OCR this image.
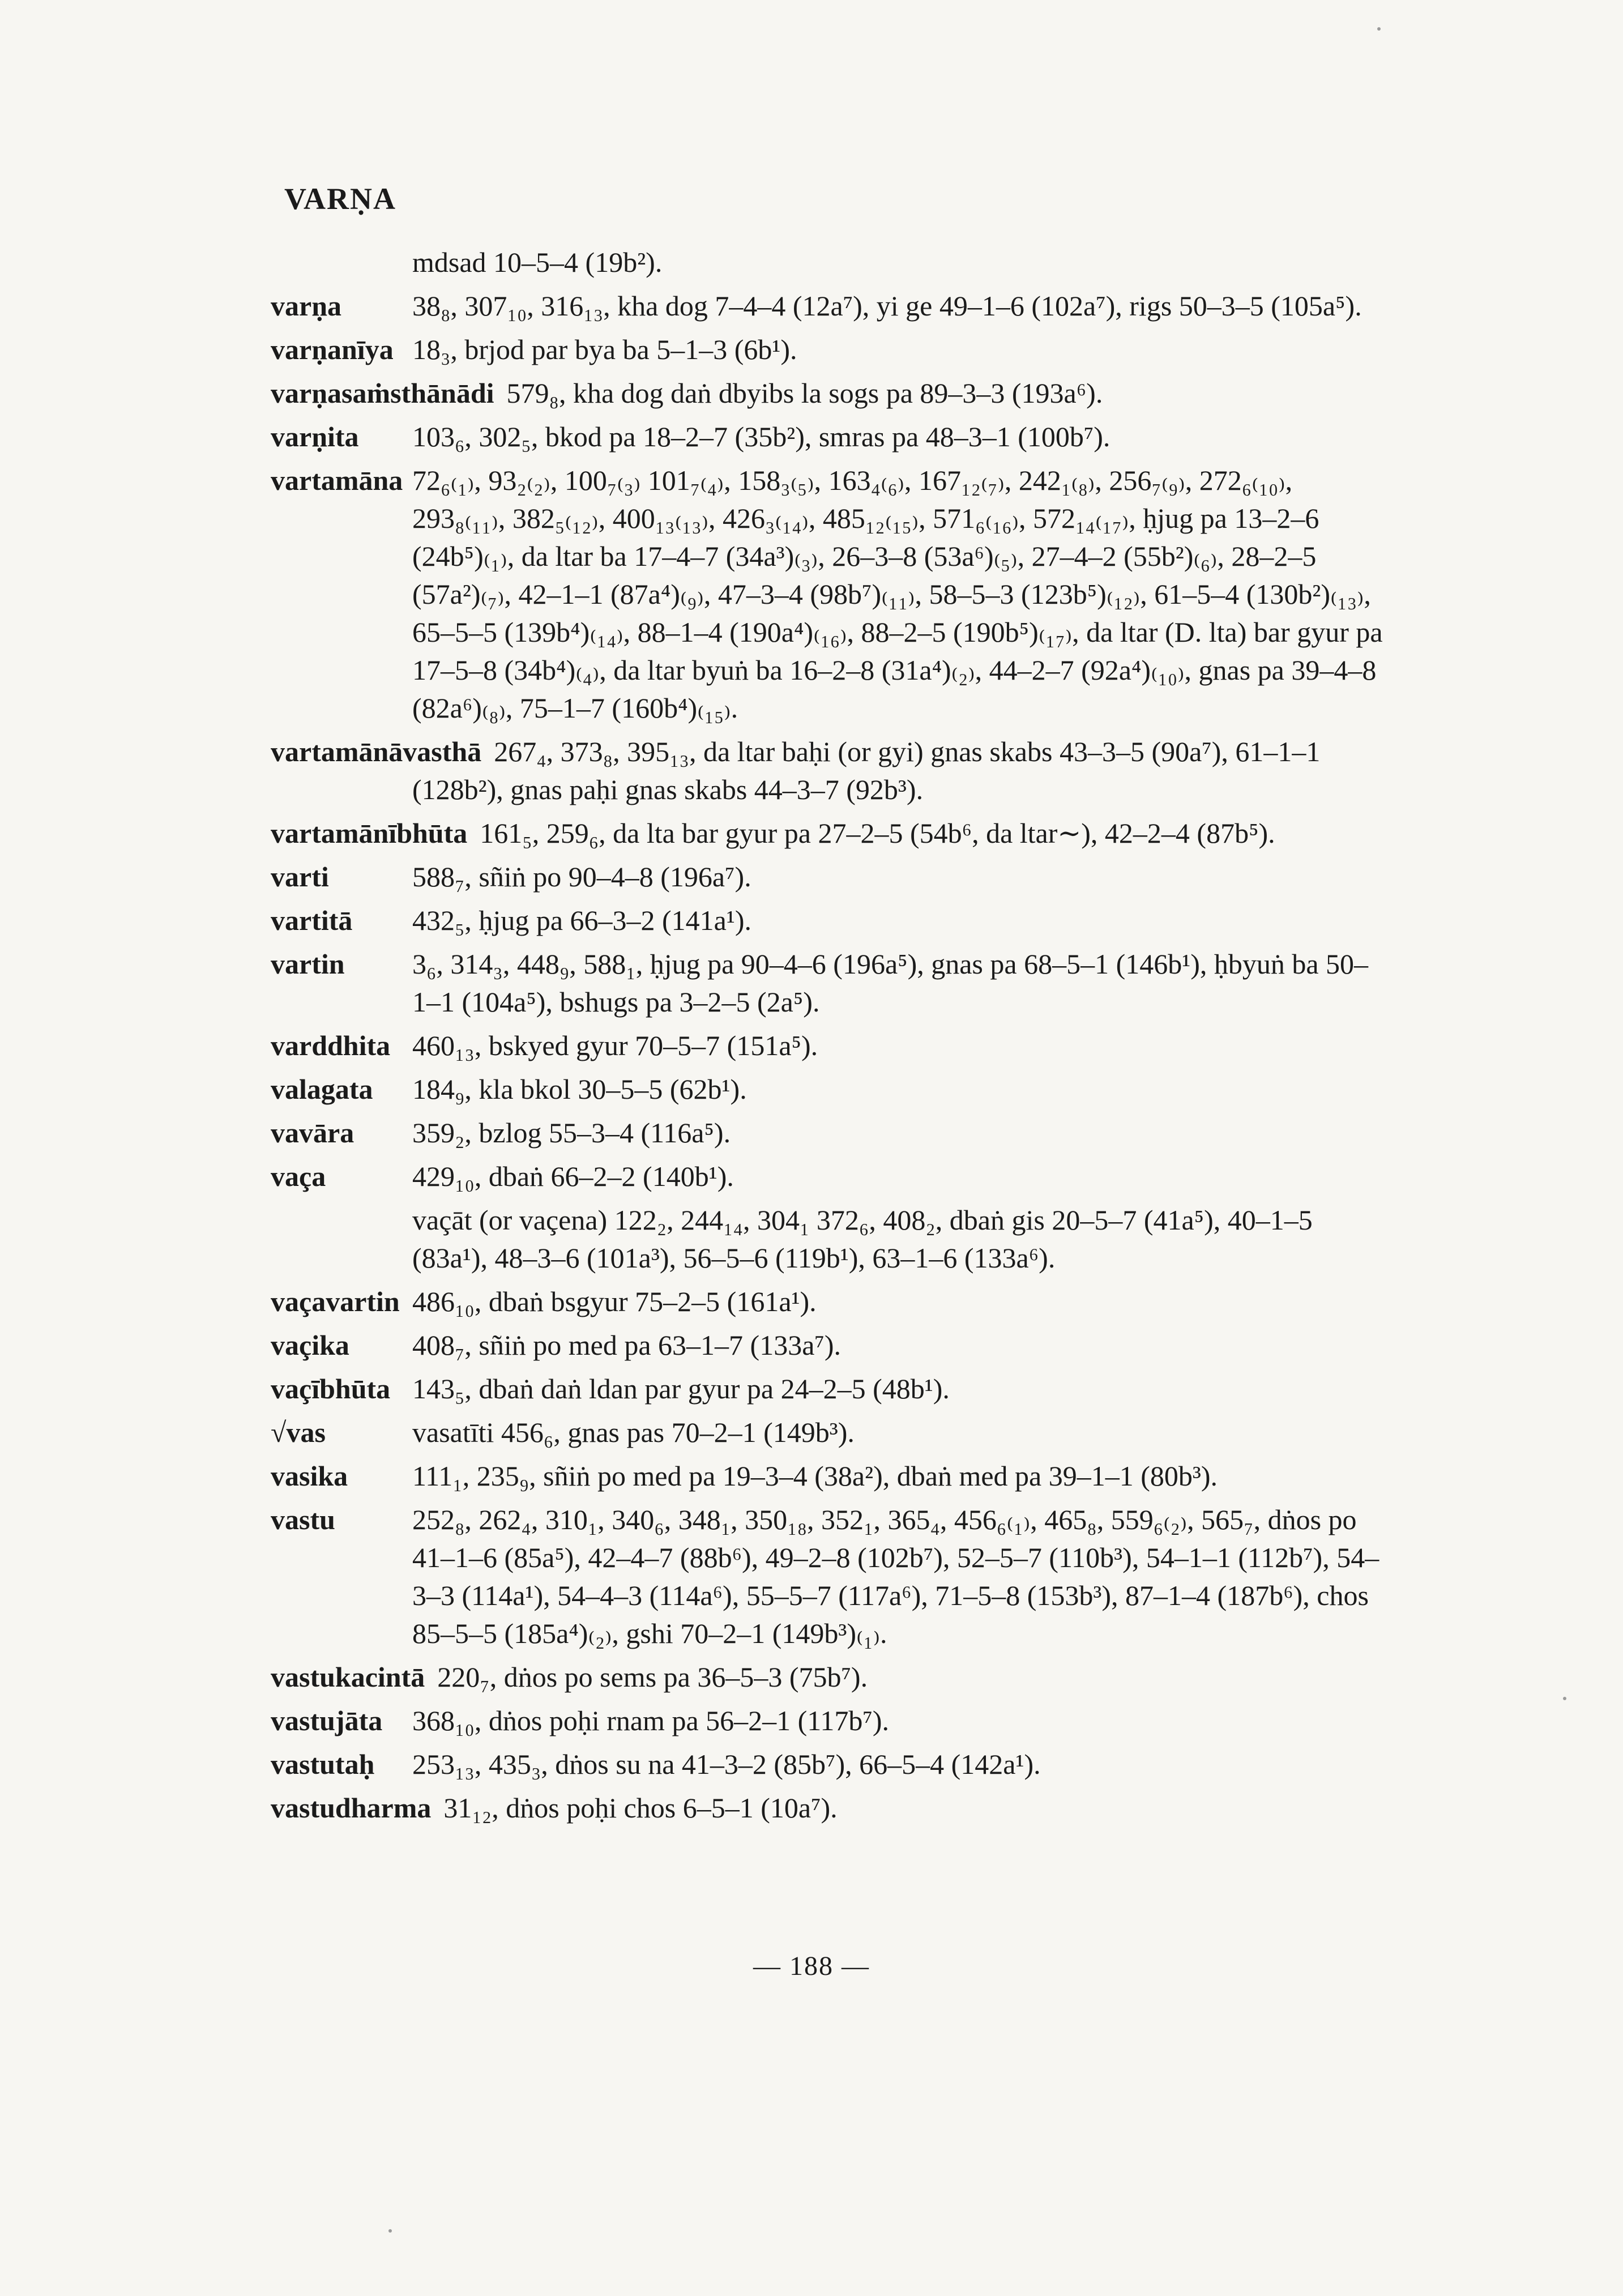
VARṆA
mdsad 10–5–4 (19b²).
varṇa	38₈, 307₁₀, 316₁₃, kha dog 7–4–4 (12a⁷), yi ge 49–1–6 (102a⁷), rigs 50–3–5 (105a⁵).
varṇanīya 18₃, brjod par bya ba 5–1–3 (6b¹).
varṇasaṁsthānādi 579₈, kha dog daṅ dbyibs la sogs pa 89–3–3 (193a⁶).
varṇita 103₆, 302₅, bkod pa 18–2–7 (35b²), smras pa 48–3–1 (100b⁷).
vartamāna 72₆₍₁₎, 93₂₍₂₎, 100₇₍₃₎ 101₇₍₄₎, 158₃₍₅₎, 163₄₍₆₎, 167₁₂₍₇₎, 242₁₍₈₎, 256₇₍₉₎, 272₆₍₁₀₎, 293₈₍₁₁₎, 382₅₍₁₂₎, 400₁₃₍₁₃₎, 426₃₍₁₄₎, 485₁₂₍₁₅₎, 571₆₍₁₆₎, 572₁₄₍₁₇₎, ḥjug pa 13–2–6 (24b⁵)₍₁₎, da ltar ba 17–4–7 (34a³)₍₃₎, 26–3–8 (53a⁶)₍₅₎, 27–4–2 (55b²)₍₆₎, 28–2–5 (57a²)₍₇₎, 42–1–1 (87a⁴)₍₉₎, 47–3–4 (98b⁷)₍₁₁₎, 58–5–3 (123b⁵)₍₁₂₎, 61–5–4 (130b²)₍₁₃₎, 65–5–5 (139b⁴)₍₁₄₎, 88–1–4 (190a⁴)₍₁₆₎, 88–2–5 (190b⁵)₍₁₇₎, da ltar (D. lta) bar gyur pa 17–5–8 (34b⁴)₍₄₎, da ltar byuṅ ba 16–2–8 (31a⁴)₍₂₎, 44–2–7 (92a⁴)₍₁₀₎, gnas pa 39–4–8 (82a⁶)₍₈₎, 75–1–7 (160b⁴)₍₁₅₎.
vartamānāvasthā 267₄, 373₈, 395₁₃, da ltar baḥi (or gyi) gnas skabs 43–3–5 (90a⁷), 61–1–1 (128b²), gnas paḥi gnas skabs 44–3–7 (92b³).
vartamānībhūta 161₅, 259₆, da lta bar gyur pa 27–2–5 (54b⁶, da ltar∼), 42–2–4 (87b⁵).
varti	588₇, sñiṅ po 90–4–8 (196a⁷).
vartitā 432₅, ḥjug pa 66–3–2 (141a¹).
vartin 3₆, 314₃, 448₉, 588₁, ḥjug pa 90–4–6 (196a⁵), gnas pa 68–5–1 (146b¹), ḥbyuṅ ba 50–1–1 (104a⁵), bshugs pa 3–2–5 (2a⁵).
varddhita 460₁₃, bskyed gyur 70–5–7 (151a⁵).
valagata 184₉, kla bkol 30–5–5 (62b¹).
vavāra 359₂, bzlog 55–3–4 (116a⁵).
vaça	429₁₀, dbaṅ 66–2–2 (140b¹).
vaçāt (or vaçena) 122₂, 244₁₄, 304₁ 372₆, 408₂, dbaṅ gis 20–5–7 (41a⁵), 40–1–5 (83a¹), 48–3–6 (101a³), 56–5–6 (119b¹), 63–1–6 (133a⁶).
vaçavartin 486₁₀, dbaṅ bsgyur 75–2–5 (161a¹).
vaçika 408₇, sñiṅ po med pa 63–1–7 (133a⁷).
vaçībhūta 143₅, dbaṅ daṅ ldan par gyur pa 24–2–5 (48b¹).
√vas	vasatīti 456₆, gnas pas 70–2–1 (149b³).
vasika 111₁, 235₉, sñiṅ po med pa 19–3–4 (38a²), dbaṅ med pa 39–1–1 (80b³).
vastu	252₈, 262₄, 310₁, 340₆, 348₁, 350₁₈, 352₁, 365₄, 456₆₍₁₎, 465₈, 559₆₍₂₎, 565₇, dṅos po 41–1–6 (85a⁵), 42–4–7 (88b⁶), 49–2–8 (102b⁷), 52–5–7 (110b³), 54–1–1 (112b⁷), 54–3–3 (114a¹), 54–4–3 (114a⁶), 55–5–7 (117a⁶), 71–5–8 (153b³), 87–1–4 (187b⁶), chos 85–5–5 (185a⁴)₍₂₎, gshi 70–2–1 (149b³)₍₁₎.
vastukacintā 220₇, dṅos po sems pa 36–5–3 (75b⁷).
vastujāta 368₁₀, dṅos poḥi rnam pa 56–2–1 (117b⁷).
vastutaḥ 253₁₃, 435₃, dṅos su na 41–3–2 (85b⁷), 66–5–4 (142a¹).
vastudharma 31₁₂, dṅos poḥi chos 6–5–1 (10a⁷).
— 188 —
